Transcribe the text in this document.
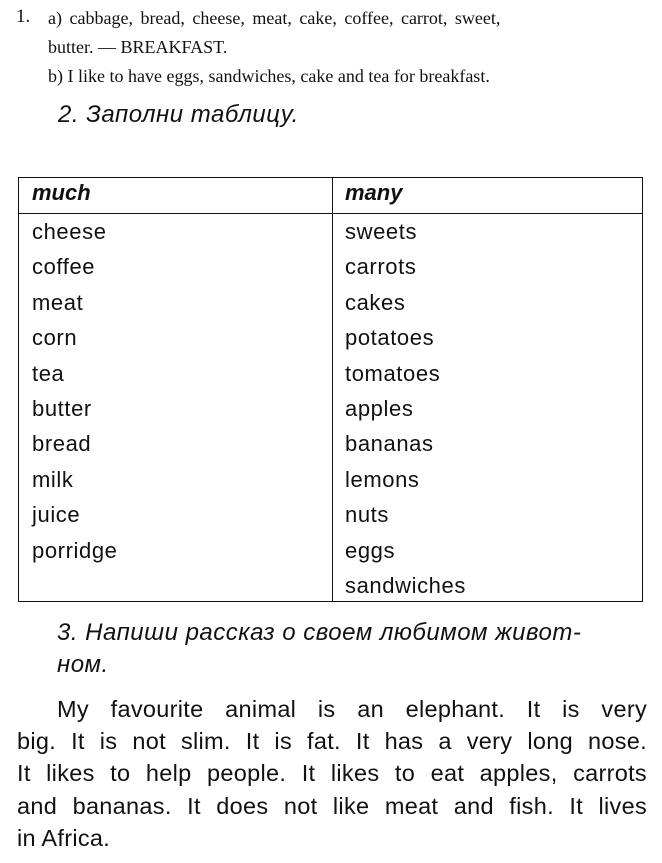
1. a) cabbage, bread, cheese, meat, cake, coffee, carrot, sweet,
butter. — BREAKFAST.
b) I like to have eggs, sandwiches, cake and tea for breakfast.
2. Заполни таблицу.
much	many
cheese
coffee
meat
corn
tea
butter
bread
milk
juice
porridge
sweets
carrots
cakes
potatoes
tomatoes
apples
bananas
lemons
nuts
eggs
sandwiches
3. Напиши рассказ о своем любимом живот-
ном.
My favourite animal is an elephant. It is very
big. It is not slim. It is fat. It has a very long nose.
It likes to help people. It likes to eat apples, carrots
and bananas. It does not like meat and fish. It lives
in Africa.
